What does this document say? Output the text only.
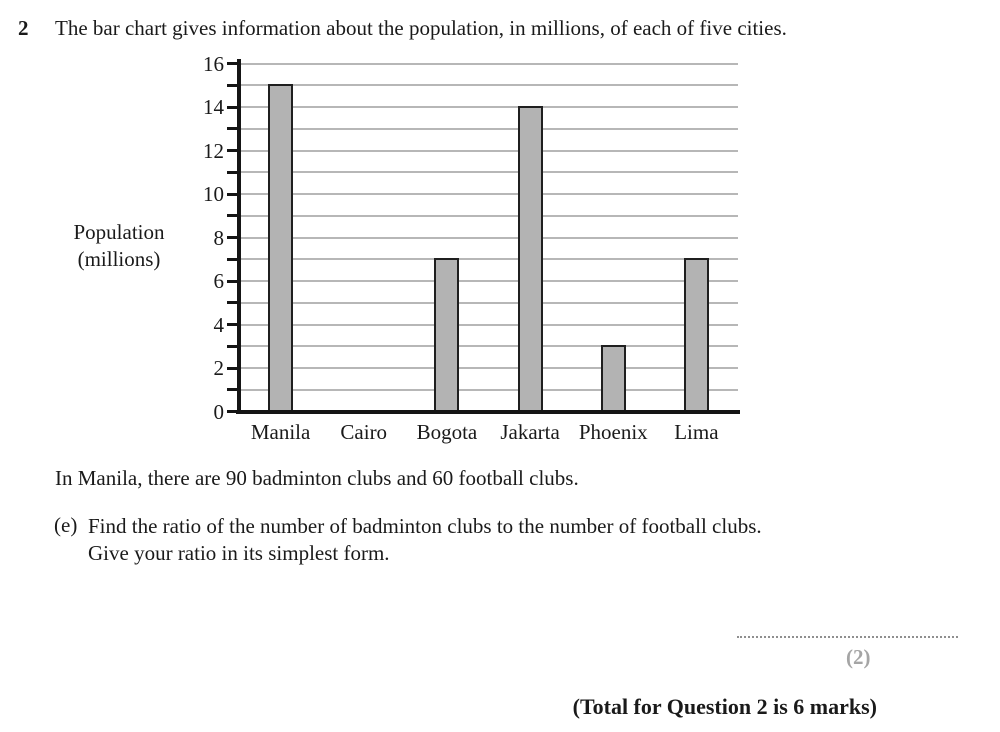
2 The bar chart gives information about the population, in millions, of each of five cities.
Population
(millions)
0
2
4
6
8
10
12
14
16
Manila	Cairo	Bogota	Jakarta Phoenix	Lima
In Manila, there are 90 badminton clubs and 60 football clubs.
(e) Find the ratio of the number of badminton clubs to the number of football clubs.
Give your ratio in its simplest form.
(2)
(Total for Question 2 is 6 marks)
